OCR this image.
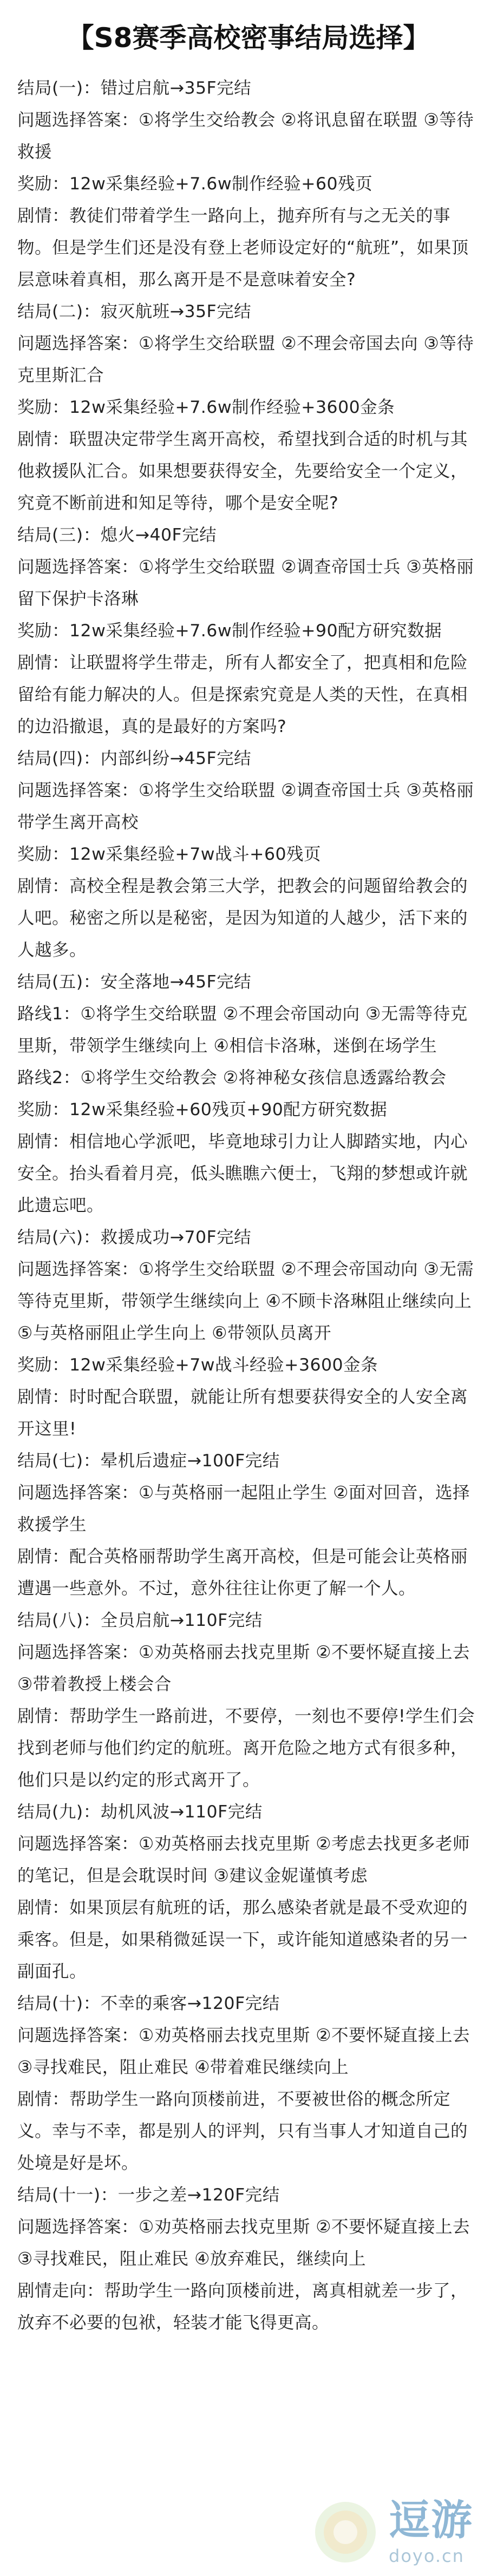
【S8赛季高校密事结局选择】

结局(一)：错过启航→35F完结

问题选择答案：①将学生交给教会 ②将讯息留在联盟 ③等待救援

奖励：12w采集经验+7.6w制作经验+60残页

剧情：教徒们带着学生一路向上，抛弃所有与之无关的事物。但是学生们还是没有登上老师设定好的“航班”，如果顶层意味着真相，那么离开是不是意味着安全?

结局(二)：寂灭航班→35F完结

问题选择答案：①将学生交给联盟 ②不理会帝国去向 ③等待克里斯汇合

奖励：12w采集经验+7.6w制作经验+3600金条

剧情：联盟决定带学生离开高校，希望找到合适的时机与其他救援队汇合。如果想要获得安全，先要给安全一个定义，究竟不断前进和知足等待，哪个是安全呢?

结局(三)：熄火→40F完结

问题选择答案：①将学生交给联盟 ②调查帝国士兵 ③英格丽留下保护卡洛琳

奖励：12w采集经验+7.6w制作经验+90配方研究数据

剧情：让联盟将学生带走，所有人都安全了，把真相和危险留给有能力解决的人。但是探索究竟是人类的天性，在真相的边沿撤退，真的是最好的方案吗?

结局(四)：内部纠纷→45F完结

问题选择答案：①将学生交给联盟 ②调查帝国士兵 ③英格丽带学生离开高校

奖励：12w采集经验+7w战斗+60残页

剧情：高校全程是教会第三大学，把教会的问题留给教会的人吧。秘密之所以是秘密，是因为知道的人越少，活下来的人越多。

结局(五)：安全落地→45F完结

路线1：①将学生交给联盟 ②不理会帝国动向 ③无需等待克里斯，带领学生继续向上 ④相信卡洛琳，迷倒在场学生

路线2：①将学生交给教会 ②将神秘女孩信息透露给教会

奖励：12w采集经验+60残页+90配方研究数据

剧情：相信地心学派吧，毕竟地球引力让人脚踏实地，内心安全。抬头看着月亮，低头瞧瞧六便士，飞翔的梦想或许就此遗忘吧。

结局(六)：救援成功→70F完结

问题选择答案：①将学生交给联盟 ②不理会帝国动向 ③无需等待克里斯，带领学生继续向上 ④不顾卡洛琳阻止继续向上 ⑤与英格丽阻止学生向上 ⑥带领队员离开

奖励：12w采集经验+7w战斗经验+3600金条

剧情：时时配合联盟，就能让所有想要获得安全的人安全离开这里!

结局(七)：晕机后遗症→100F完结

问题选择答案：①与英格丽一起阻止学生 ②面对回音，选择救援学生

剧情：配合英格丽帮助学生离开高校，但是可能会让英格丽遭遇一些意外。不过，意外往往让你更了解一个人。

结局(八)：全员启航→110F完结

问题选择答案：①劝英格丽去找克里斯 ②不要怀疑直接上去 ③带着教授上楼会合

剧情：帮助学生一路前进，不要停，一刻也不要停!学生们会找到老师与他们约定的航班。离开危险之地方式有很多种，他们只是以约定的形式离开了。

结局(九)：劫机风波→110F完结

问题选择答案：①劝英格丽去找克里斯 ②考虑去找更多老师的笔记，但是会耽误时间 ③建议金妮谨慎考虑

剧情：如果顶层有航班的话，那么感染者就是最不受欢迎的乘客。但是，如果稍微延误一下，或许能知道感染者的另一副面孔。

结局(十)：不幸的乘客→120F完结

问题选择答案：①劝英格丽去找克里斯 ②不要怀疑直接上去 ③寻找难民，阻止难民 ④带着难民继续向上

剧情：帮助学生一路向顶楼前进，不要被世俗的概念所定义。幸与不幸，都是别人的评判，只有当事人才知道自己的处境是好是坏。

结局(十一)：一步之差→120F完结

问题选择答案：①劝英格丽去找克里斯 ②不要怀疑直接上去 ③寻找难民，阻止难民 ④放弃难民，继续向上

剧情走向：帮助学生一路向顶楼前进，离真相就差一步了，放弃不必要的包袱，轻装才能飞得更高。

逗游
doyo.cn
